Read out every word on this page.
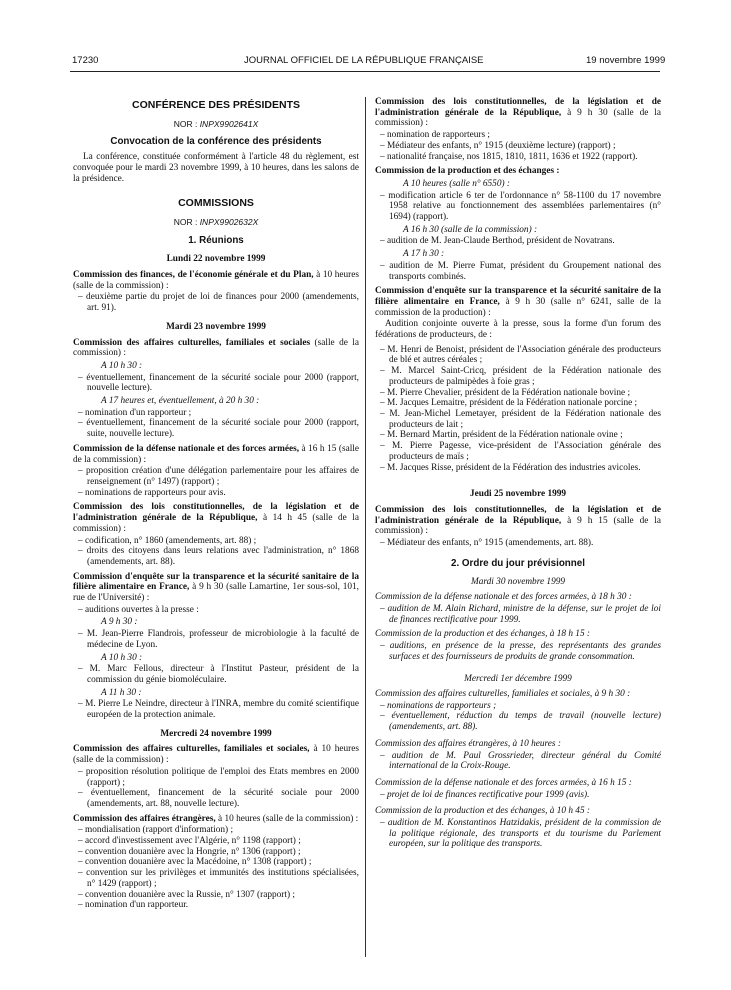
17230	JOURNAL OFFICIEL DE LA RÉPUBLIQUE FRANÇAISE	19 novembre 1999
CONFÉRENCE DES PRÉSIDENTS
NOR : INPX9902641X
Convocation de la conférence des présidents

La conférence, constituée conformément à l'article 48 du règlement, est convoquée pour le mardi 23 novembre 1999, à 10 heures, dans les salons de la présidence.

COMMISSIONS
NOR : INPX9902632X
1. Réunions
Lundi 22 novembre 1999

Commission des finances, de l'économie générale et du Plan, à 10 heures (salle de la commission) :

– deuxième partie du projet de loi de finances pour 2000 (amendements, art. 91).

Mardi 23 novembre 1999

Commission des affaires culturelles, familiales et sociales (salle de la commission) :

A 10 h 30 :

– éventuellement, financement de la sécurité sociale pour 2000 (rapport, nouvelle lecture).

A 17 heures et, éventuellement, à 20 h 30 :

– nomination d'un rapporteur ;

– éventuellement, financement de la sécurité sociale pour 2000 (rapport, suite, nouvelle lecture).

Commission de la défense nationale et des forces armées, à 16 h 15 (salle de la commission) :

– proposition création d'une délégation parlementaire pour les affaires de renseignement (n° 1497) (rapport) ;

– nominations de rapporteurs pour avis.

Commission des lois constitutionnelles, de la législation et de l'administration générale de la République, à 14 h 45 (salle de la commission) :

– codification, n° 1860 (amendements, art. 88) ;

– droits des citoyens dans leurs relations avec l'administration, n° 1868 (amendements, art. 88).

Commission d'enquête sur la transparence et la sécurité sanitaire de la filière alimentaire en France, à 9 h 30 (salle Lamartine, 1er sous-sol, 101, rue de l'Université) :

– auditions ouvertes à la presse :

A 9 h 30 :

– M. Jean-Pierre Flandrois, professeur de microbiologie à la faculté de médecine de Lyon.

A 10 h 30 :

– M. Marc Fellous, directeur à l'Institut Pasteur, président de la commission du génie biomoléculaire.

A 11 h 30 :

– M. Pierre Le Neindre, directeur à l'INRA, membre du comité scientifique européen de la protection animale.

Mercredi 24 novembre 1999

Commission des affaires culturelles, familiales et sociales, à 10 heures (salle de la commission) :

– proposition résolution politique de l'emploi des Etats membres en 2000 (rapport) ;

– éventuellement, financement de la sécurité sociale pour 2000 (amendements, art. 88, nouvelle lecture).

Commission des affaires étrangères, à 10 heures (salle de la commission) :

– mondialisation (rapport d'information) ;

– accord d'investissement avec l'Algérie, n° 1198 (rapport) ;

– convention douanière avec la Hongrie, n° 1306 (rapport) ;

– convention douanière avec la Macédoine, n° 1308 (rapport) ;

– convention sur les privilèges et immunités des institutions spécialisées, n° 1429 (rapport) ;

– convention douanière avec la Russie, n° 1307 (rapport) ;

– nomination d'un rapporteur.

Commission des lois constitutionnelles, de la législation et de l'administration générale de la République, à 9 h 30 (salle de la commission) :

– nomination de rapporteurs ;

– Médiateur des enfants, n° 1915 (deuxième lecture) (rapport) ;

– nationalité française, nos 1815, 1810, 1811, 1636 et 1922 (rapport).

Commission de la production et des échanges :

A 10 heures (salle n° 6550) :

– modification article 6 ter de l'ordonnance n° 58-1100 du 17 novembre 1958 relative au fonctionnement des assemblées parlementaires (n° 1694) (rapport).

A 16 h 30 (salle de la commission) :

– audition de M. Jean-Claude Berthod, président de Novatrans.

A 17 h 30 :

– audition de M. Pierre Fumat, président du Groupement national des transports combinés.

Commission d'enquête sur la transparence et la sécurité sanitaire de la filière alimentaire en France, à 9 h 30 (salle n° 6241, salle de la commission de la production) :

Audition conjointe ouverte à la presse, sous la forme d'un forum des fédérations de producteurs, de :

– M. Henri de Benoist, président de l'Association générale des producteurs de blé et autres céréales ;

– M. Marcel Saint-Cricq, président de la Fédération nationale des producteurs de palmipèdes à foie gras ;

– M. Pierre Chevalier, président de la Fédération nationale bovine ;

– M. Jacques Lemaitre, président de la Fédération nationale porcine ;

– M. Jean-Michel Lemetayer, président de la Fédération nationale des producteurs de lait ;

– M. Bernard Martin, président de la Fédération nationale ovine ;

– M. Pierre Pagesse, vice-président de l'Association générale des producteurs de maïs ;

– M. Jacques Risse, président de la Fédération des industries avicoles.

Jeudi 25 novembre 1999

Commission des lois constitutionnelles, de la législation et de l'administration générale de la République, à 9 h 15 (salle de la commission) :

– Médiateur des enfants, n° 1915 (amendements, art. 88).

2. Ordre du jour prévisionnel
Mardi 30 novembre 1999

Commission de la défense nationale et des forces armées, à 18 h 30 :

– audition de M. Alain Richard, ministre de la défense, sur le projet de loi de finances rectificative pour 1999.

Commission de la production et des échanges, à 18 h 15 :

– auditions, en présence de la presse, des représentants des grandes surfaces et des fournisseurs de produits de grande consommation.

Mercredi 1er décembre 1999

Commission des affaires culturelles, familiales et sociales, à 9 h 30 :

– nominations de rapporteurs ;

– éventuellement, réduction du temps de travail (nouvelle lecture) (amendements, art. 88).

Commission des affaires étrangères, à 10 heures :

– audition de M. Paul Grossrieder, directeur général du Comité international de la Croix-Rouge.

Commission de la défense nationale et des forces armées, à 16 h 15 :

– projet de loi de finances rectificative pour 1999 (avis).

Commission de la production et des échanges, à 10 h 45 :

– audition de M. Konstantinos Hatzidakis, président de la commission de la politique régionale, des transports et du tourisme du Parlement européen, sur la politique des transports.
